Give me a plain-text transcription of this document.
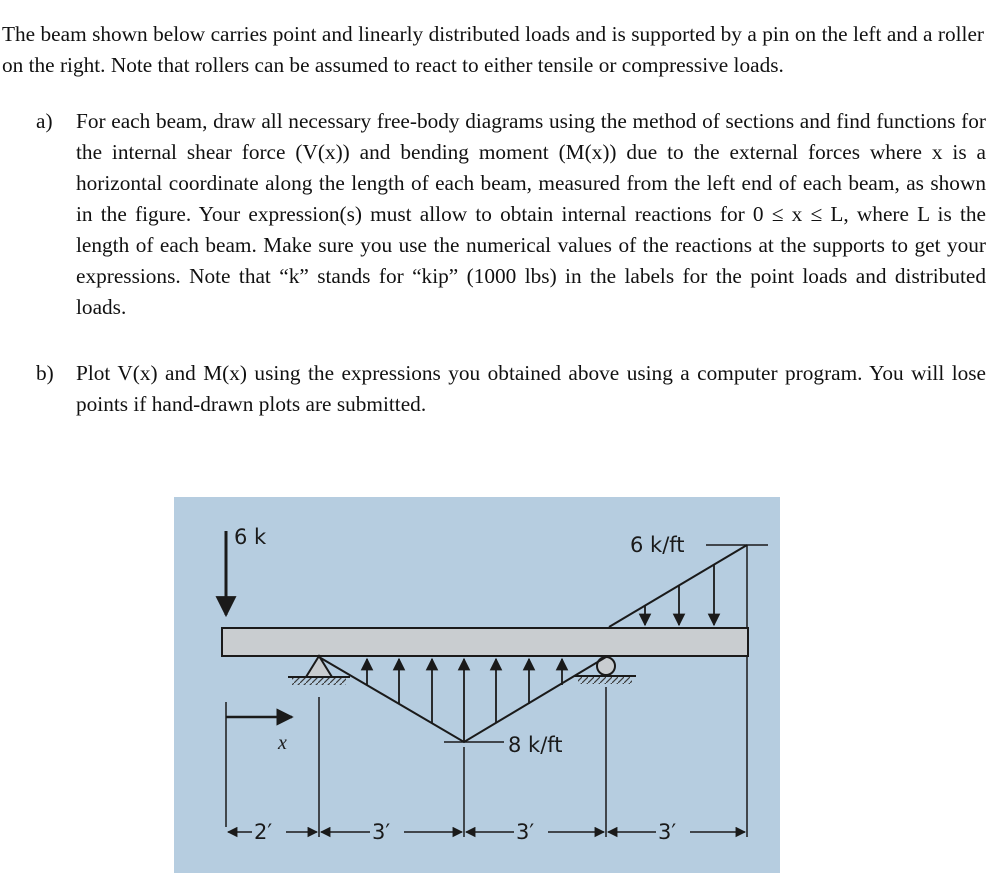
The beam shown below carries point and linearly distributed loads and is supported by a pin on the left and a roller on the right. Note that rollers can be assumed to react to either tensile or compressive loads.

a)	For each beam, draw all necessary free-body diagrams using the method of sections and find functions for the internal shear force (V(x)) and bending moment (M(x)) due to the external forces where x is a horizontal coordinate along the length of each beam, measured from the left end of each beam, as shown in the figure. Your expression(s) must allow to obtain internal reactions for 0 ≤ x ≤ L, where L is the length of each beam. Make sure you use the numerical values of the reactions at the supports to get your expressions. Note that “k” stands for “kip” (1000 lbs) in the labels for the point loads and distributed loads.
b)	Plot V(x) and M(x) using the expressions you obtained above using a computer program. You will lose points if hand-drawn plots are submitted.
6 k	6 k/ft
8 k/ft
x
2′	3′	3′	3′
